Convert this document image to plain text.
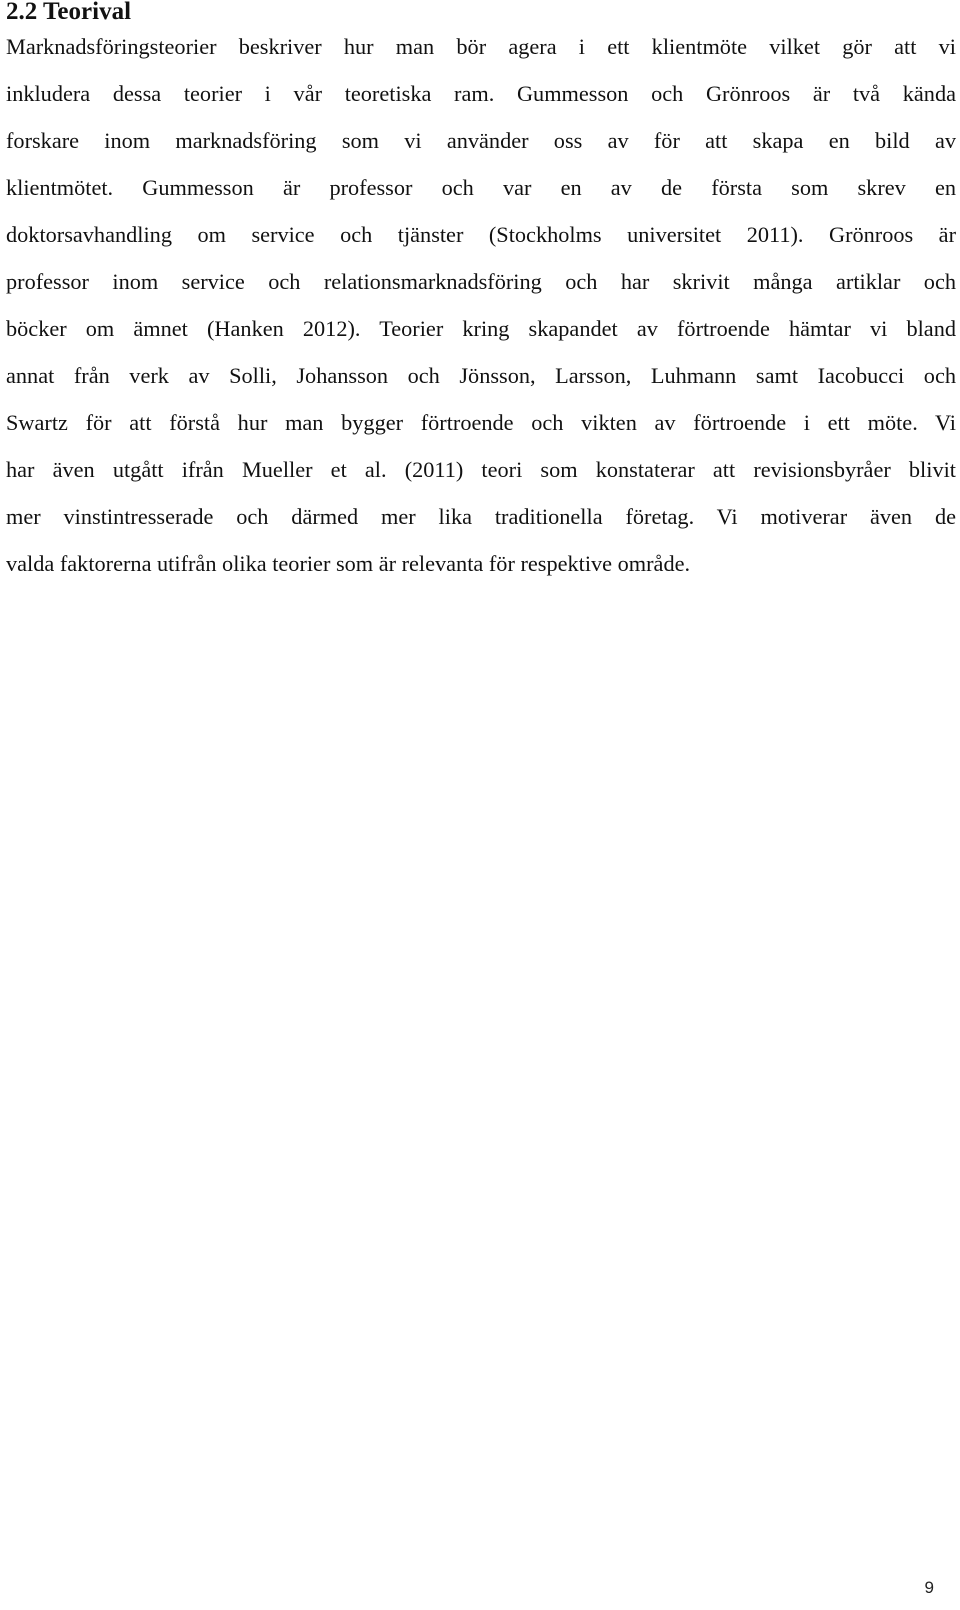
2.2 Teorival
Marknadsföringsteorier beskriver hur man bör agera i ett klientmöte vilket gör att vi
inkludera dessa teorier i vår teoretiska ram. Gummesson och Grönroos är två kända
forskare inom marknadsföring som vi använder oss av för att skapa en bild av
klientmötet. Gummesson är professor och var en av de första som skrev en
doktorsavhandling om service och tjänster (Stockholms universitet 2011). Grönroos är
professor inom service och relationsmarknadsföring och har skrivit många artiklar och
böcker om ämnet (Hanken 2012). Teorier kring skapandet av förtroende hämtar vi bland
annat från verk av Solli, Johansson och Jönsson, Larsson, Luhmann samt Iacobucci och
Swartz för att förstå hur man bygger förtroende och vikten av förtroende i ett möte. Vi
har även utgått ifrån Mueller et al. (2011) teori som konstaterar att revisionsbyråer blivit
mer vinstintresserade och därmed mer lika traditionella företag. Vi motiverar även de
valda faktorerna utifrån olika teorier som är relevanta för respektive område.
9
